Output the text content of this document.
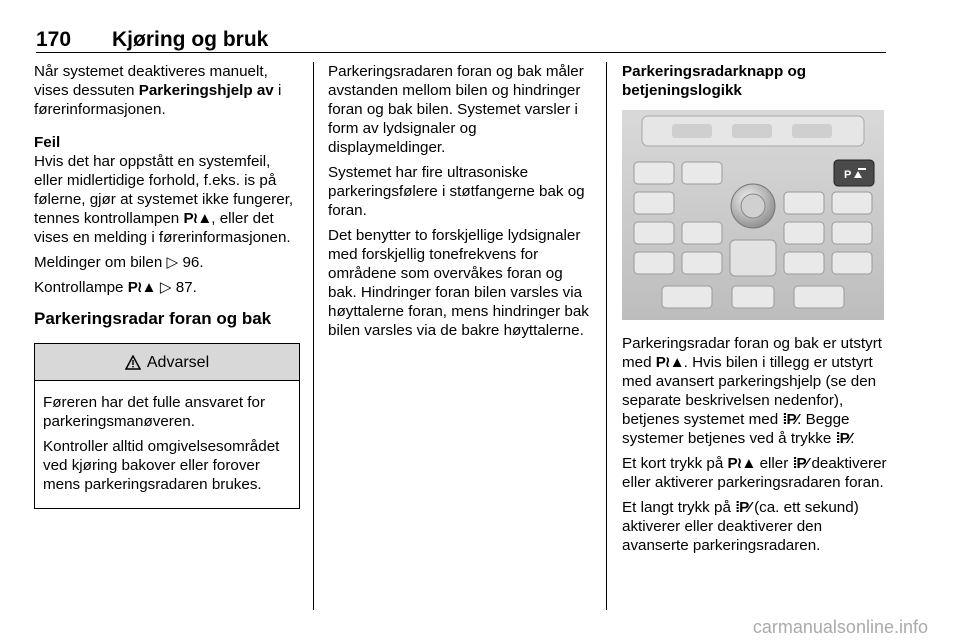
170 Kjøring og bruk

Når systemet deaktiveres manuelt, vises dessuten Parkeringshjelp av i førerinformasjonen.

Feil

Hvis det har oppstått en systemfeil, eller midlertidige forhold, f.eks. is på følerne, gjør at systemet ikke fungerer, tennes kontrollampen P≀▲, eller det vises en melding i førerinformasjonen.

Meldinger om bilen ▷ 96.

Kontrollampe P≀▲ ▷ 87.

Parkeringsradar foran og bak
Advarsel

Føreren har det fulle ansvaret for parkeringsmanøveren.

Kontroller alltid omgivelsesområdet ved kjøring bakover eller forover mens parkeringsradaren brukes.

Parkeringsradaren foran og bak måler avstanden mellom bilen og hindringer foran og bak bilen. Systemet varsler i form av lydsignaler og displaymeldinger.

Systemet har fire ultrasoniske parkeringsfølere i støtfangerne bak og foran.

Det benytter to forskjellige lydsignaler med forskjellig tonefrekvens for områdene som overvåkes foran og bak. Hindringer foran bilen varsles via høyttalerne foran, mens hindringer bak bilen varsles via de bakre høyttalerne.

Parkeringsradarknapp og betjeningslogikk

P

Parkeringsradar foran og bak er utstyrt med P≀▲. Hvis bilen i tillegg er utstyrt med avansert parkeringshjelp (se den separate beskrivelsen nedenfor), betjenes systemet med ⁞P⁄. Begge systemer betjenes ved å trykke ⁞P⁄.

Et kort trykk på P≀▲ eller ⁞P⁄ deaktiverer eller aktiverer parkeringsradaren foran.

Et langt trykk på ⁞P⁄ (ca. ett sekund) aktiverer eller deaktiverer den avanserte parkeringsradaren.

carmanualsonline.info
